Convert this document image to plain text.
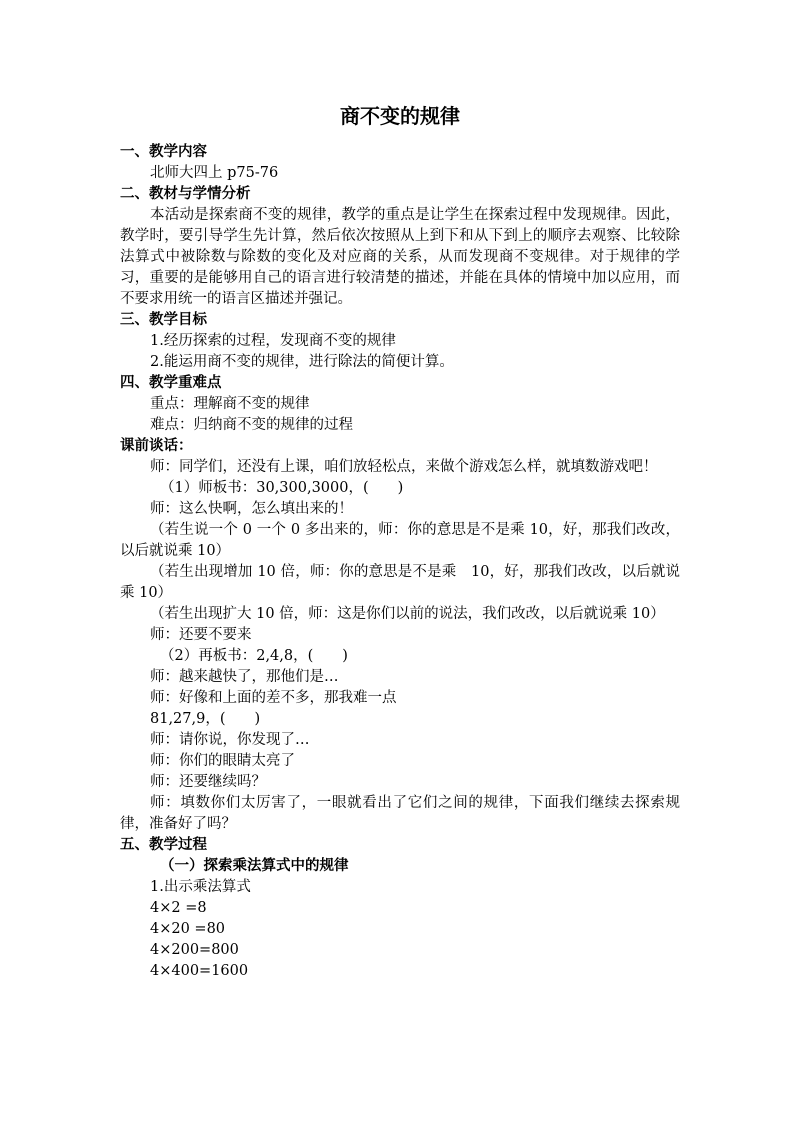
商不变的规律
一、教学内容
北师大四上 p75-76
二、教材与学情分析
本活动是探索商不变的规律，教学的重点是让学生在探索过程中发现规律。因此，教学时，要引导学生先计算，然后依次按照从上到下和从下到上的顺序去观察、比较除法算式中被除数与除数的变化及对应商的关系，从而发现商不变规律。对于规律的学习，重要的是能够用自己的语言进行较清楚的描述，并能在具体的情境中加以应用，而不要求用统一的语言区描述并强记。
三、教学目标
1.经历探索的过程，发现商不变的规律
2.能运用商不变的规律，进行除法的简便计算。
四、教学重难点
重点：理解商不变的规律
难点：归纳商不变的规律的过程
课前谈话：
师：同学们，还没有上课，咱们放轻松点，来做个游戏怎么样，就填数游戏吧！
（1）师板书：30,300,3000，(　　)
师：这么快啊，怎么填出来的！
（若生说一个 0 一个 0 多出来的，师：你的意思是不是乘 10，好，那我们改改，以后就说乘 10）
（若生出现增加 10 倍，师：你的意思是不是乘　10，好，那我们改改，以后就说乘 10）
（若生出现扩大 10 倍，师：这是你们以前的说法，我们改改，以后就说乘 10）
师：还要不要来
（2）再板书：2,4,8，(　　)
师：越来越快了，那他们是…
师：好像和上面的差不多，那我难一点
81,27,9，(　　)
师：请你说，你发现了…
师：你们的眼睛太亮了
师：还要继续吗？
师：填数你们太厉害了，一眼就看出了它们之间的规律，下面我们继续去探索规律，准备好了吗？
五、教学过程
（一）探索乘法算式中的规律
1.出示乘法算式
4×2 =8
4×20 =80
4×200=800
4×400=1600
